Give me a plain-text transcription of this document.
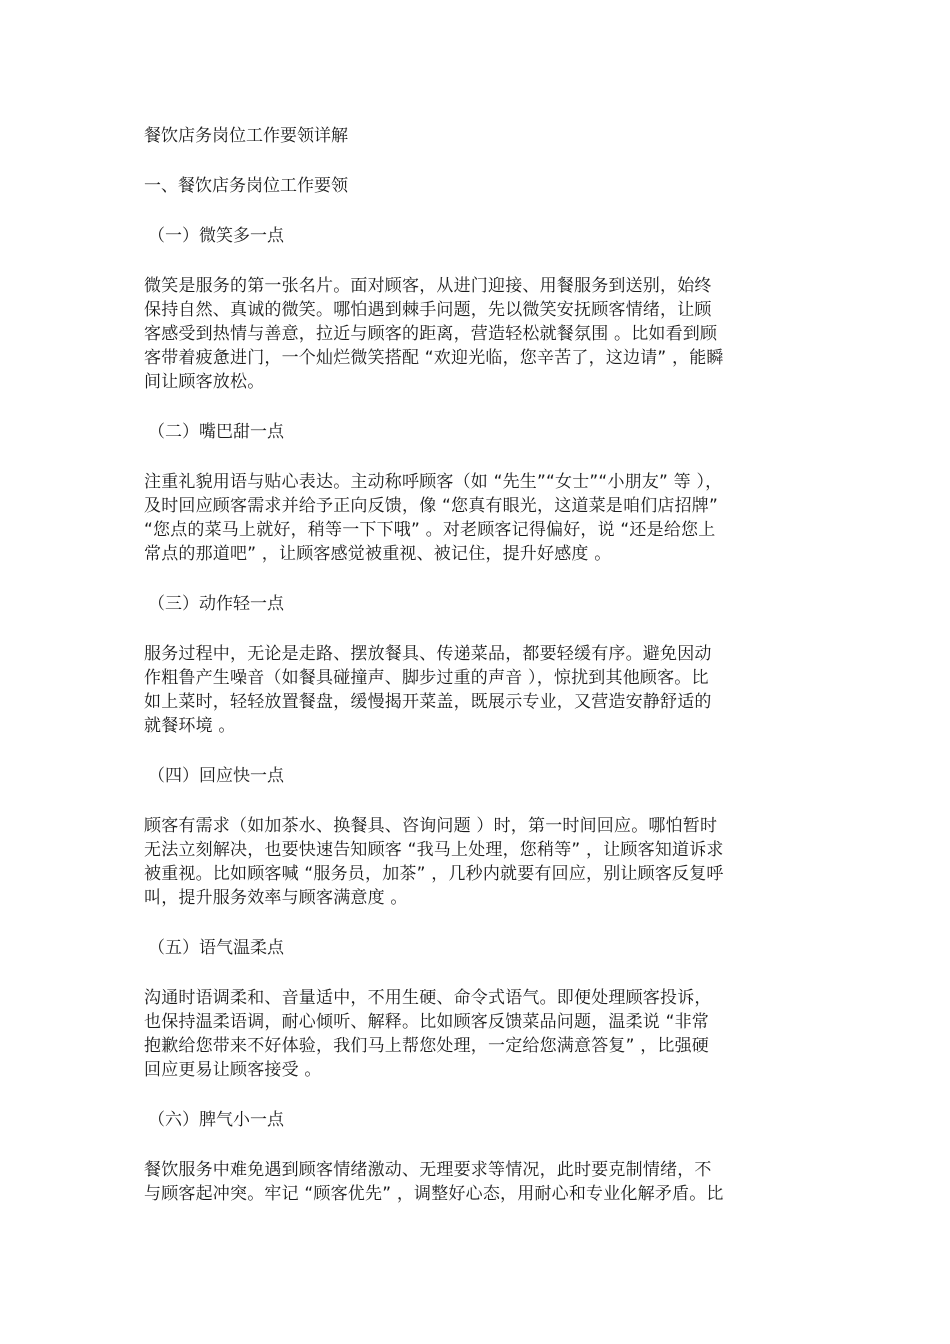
餐饮店务岗位工作要领详解

一、餐饮店务岗位工作要领

（一）微笑多一点

微笑是服务的第一张名片。面对顾客，从进门迎接、用餐服务到送别，始终

保持自然、真诚的微笑。哪怕遇到棘手问题，先以微笑安抚顾客情绪，让顾

客感受到热情与善意，拉近与顾客的距离，营造轻松就餐氛围 。比如看到顾

客带着疲惫进门，一个灿烂微笑搭配 “欢迎光临，您辛苦了，这边请” ，能瞬

间让顾客放松。

（二）嘴巴甜一点

注重礼貌用语与贴心表达。主动称呼顾客（如 “先生”“女士”“小朋友” 等 ），

及时回应顾客需求并给予正向反馈，像 “您真有眼光，这道菜是咱们店招牌”

“您点的菜马上就好，稍等一下下哦” 。对老顾客记得偏好，说 “还是给您上

常点的那道吧” ，让顾客感觉被重视、被记住，提升好感度 。

（三）动作轻一点

服务过程中，无论是走路、摆放餐具、传递菜品，都要轻缓有序。避免因动

作粗鲁产生噪音（如餐具碰撞声、脚步过重的声音 ），惊扰到其他顾客。比

如上菜时，轻轻放置餐盘，缓慢揭开菜盖，既展示专业，又营造安静舒适的

就餐环境 。

（四）回应快一点

顾客有需求（如加茶水、换餐具、咨询问题 ）时，第一时间回应。哪怕暂时

无法立刻解决，也要快速告知顾客 “我马上处理，您稍等” ，让顾客知道诉求

被重视。比如顾客喊 “服务员，加茶” ，几秒内就要有回应，别让顾客反复呼

叫，提升服务效率与顾客满意度 。

（五）语气温柔点

沟通时语调柔和、音量适中，不用生硬、命令式语气。即便处理顾客投诉，

也保持温柔语调，耐心倾听、解释。比如顾客反馈菜品问题，温柔说 “非常

抱歉给您带来不好体验，我们马上帮您处理，一定给您满意答复” ，比强硬

回应更易让顾客接受 。

（六）脾气小一点

餐饮服务中难免遇到顾客情绪激动、无理要求等情况，此时要克制情绪，不

与顾客起冲突。牢记 “顾客优先” ，调整好心态，用耐心和专业化解矛盾。比
